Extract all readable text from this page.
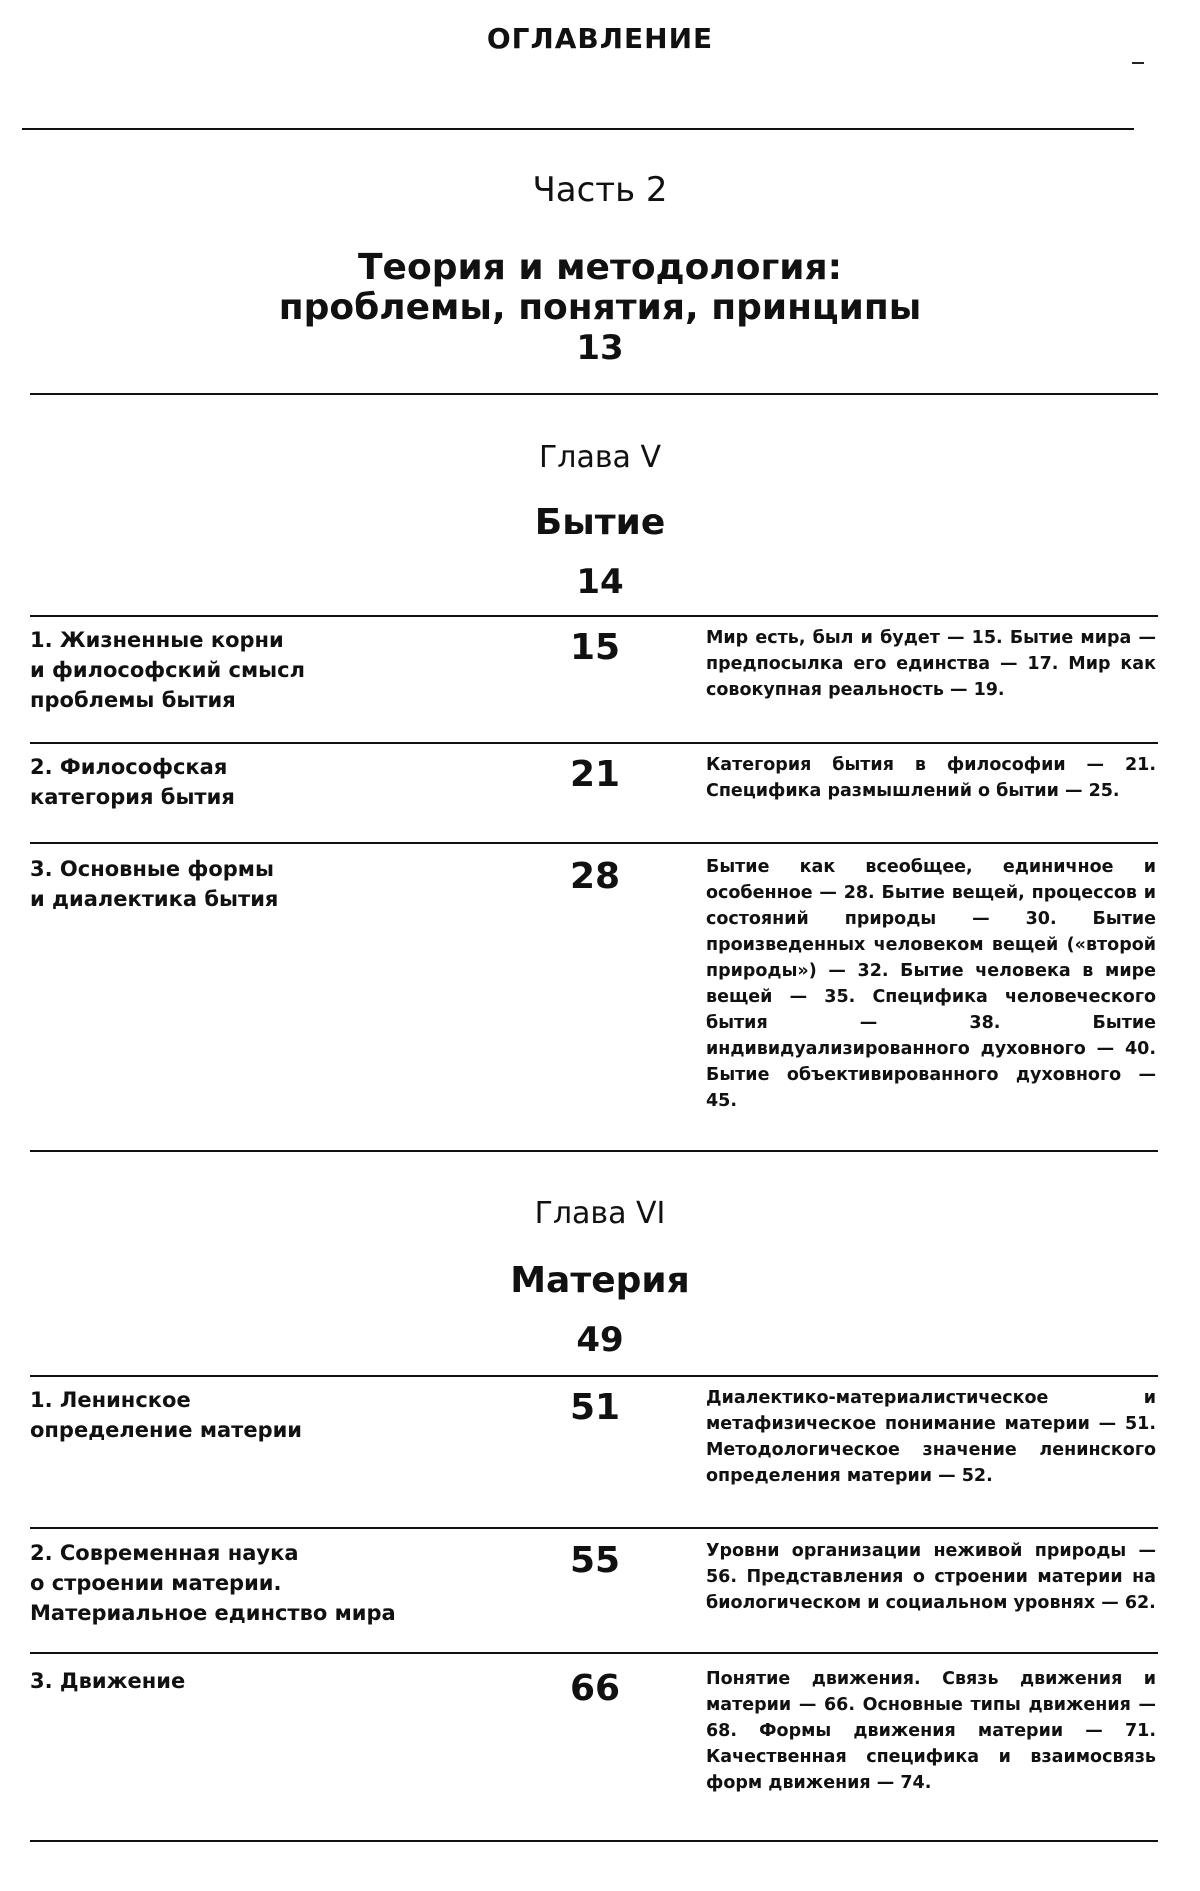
ОГЛАВЛЕНИЕ
Часть 2
Теория и методология:
проблемы, понятия, принципы
13
Глава V
Бытие
14
1. Жизненные корни
и философский смысл
проблемы бытия
15	Мир есть, был и будет — 15. Бытие мира — предпосылка его единства — 17. Мир как совокупная реальность — 19.
2. Философская
категория бытия
21	Категория бытия в философии — 21. Специфика размышлений о бытии — 25.
3. Основные формы
и диалектика бытия
28	Бытие как всеобщее, единичное и особенное — 28. Бытие вещей, процессов и состояний природы — 30. Бытие произведенных человеком вещей («второй природы») — 32. Бытие человека в мире вещей — 35. Специфика человеческого бытия — 38. Бытие индивидуализированного духовного — 40. Бытие объективированного духовного — 45.
Глава VI
Материя
49
1. Ленинское
определение материи
51	Диалектико-материалистическое и метафизическое понимание материи — 51. Методологическое значение ленинского определения материи — 52.
2. Современная наука
о строении материи.
Материальное единство мира
55	Уровни организации неживой природы — 56. Представления о строении материи на биологическом и социальном уровнях — 62.
3. Движение	66	Понятие движения. Связь движения и материи — 66. Основные типы движения — 68. Формы движения материи — 71. Качественная специфика и взаимосвязь форм движения — 74.
